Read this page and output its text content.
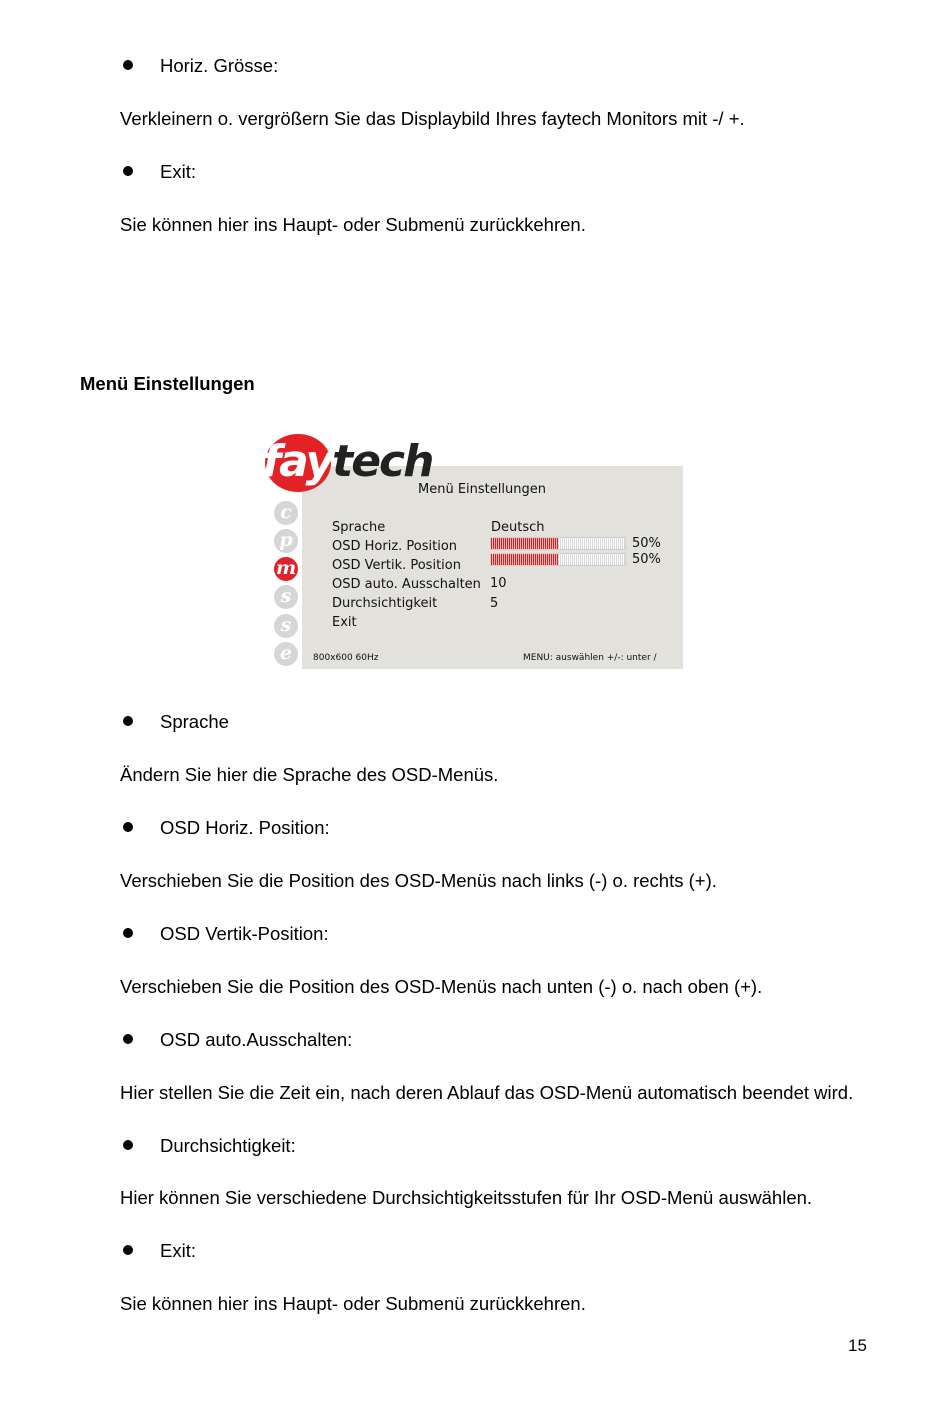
Horiz. Grösse:
Verkleinern o. vergrößern Sie das Displaybild Ihres faytech Monitors mit -/ +.
Exit:
Sie können hier ins Haupt- oder Submenü zurückkehren.
Menü Einstellungen
faytech
Menü Einstellungen
c
p
m
s
s
e
Sprache	Deutsch
OSD Horiz. Position	50%
OSD Vertik. Position	50%
OSD auto. Ausschalten 10
Durchsichtigkeit	5
Exit
800x600 60Hz	MENU: auswählen +/-: unter /
Sprache
Ändern Sie hier die Sprache des OSD-Menüs.
OSD Horiz. Position:
Verschieben Sie die Position des OSD-Menüs nach links (-) o. rechts (+).
OSD Vertik-Position:
Verschieben Sie die Position des OSD-Menüs nach unten (-) o. nach oben (+).
OSD auto.Ausschalten:
Hier stellen Sie die Zeit ein, nach deren Ablauf das OSD-Menü automatisch beendet wird.
Durchsichtigkeit:
Hier können Sie verschiedene Durchsichtigkeitsstufen für Ihr OSD-Menü auswählen.
Exit:
Sie können hier ins Haupt- oder Submenü zurückkehren.
15
